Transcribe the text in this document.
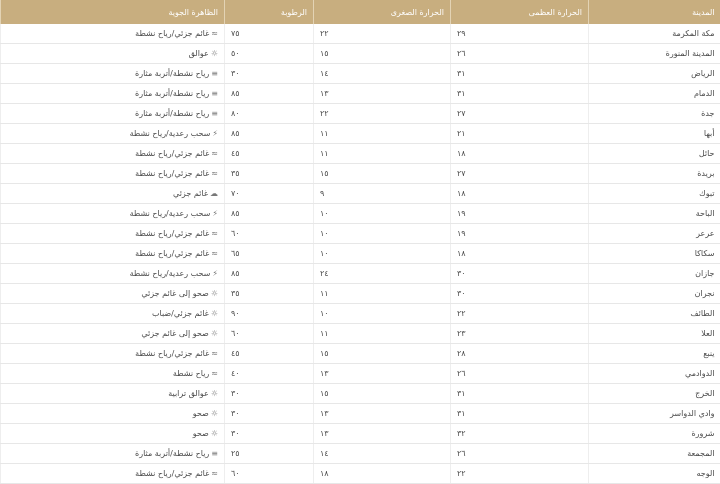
المدينة	الحرارة العظمى	الحرارة الصغرى	الرطوبة	الظاهرة الجوية
مكة المكرمة	٢٩	٢٢	٧٥	≈غائم جزئي/رياح نشطة
المدينة المنورة	٢٦	١٥	٥٠	☼عوالق
الرياض	٣١	١٤	٣٠	≡رياح نشطة/أتربة مثارة
الدمام	٣١	١٣	٨٥	≡رياح نشطة/أتربة مثارة
جدة	٢٧	٢٢	٨٠	≡رياح نشطة/أتربة مثارة
أبها	٢١	١١	٨٥	⚡سحب رعدية/رياح نشطة
حائل	١٨	١١	٤٥	≈غائم جزئي/رياح نشطة
بريدة	٢٧	١٥	٣٥	≈غائم جزئي/رياح نشطة
تبوك	١٨	٩	٧٠	☁غائم جزئي
الباحة	١٩	١٠	٨٥	⚡سحب رعدية/رياح نشطة
عرعر	١٩	١٠	٦٠	≈غائم جزئي/رياح نشطة
سكاكا	١٨	١٠	٦٥	≈غائم جزئي/رياح نشطة
جازان	٣٠	٢٤	٨٥	⚡سحب رعدية/رياح نشطة
نجران	٣٠	١١	٣٥	☼صحو إلى غائم جزئي
الطائف	٢٢	١٠	٩٠	☼غائم جزئي/ضباب
العلا	٢٣	١١	٦٠	☼صحو إلى غائم جزئي
ينبع	٢٨	١٥	٤٥	≈غائم جزئي/رياح نشطة
الدوادمي	٢٦	١٣	٤٠	≈رياح نشطة
الخرج	٣١	١٥	٣٠	☼عوالق ترابية
وادي الدواسر	٣١	١٣	٣٠	☼صحو
شرورة	٣٢	١٣	٣٠	☼صحو
المجمعة	٢٦	١٤	٢٥	≡رياح نشطة/أتربة مثارة
الوجه	٢٢	١٨	٦٠	≈غائم جزئي/رياح نشطة
